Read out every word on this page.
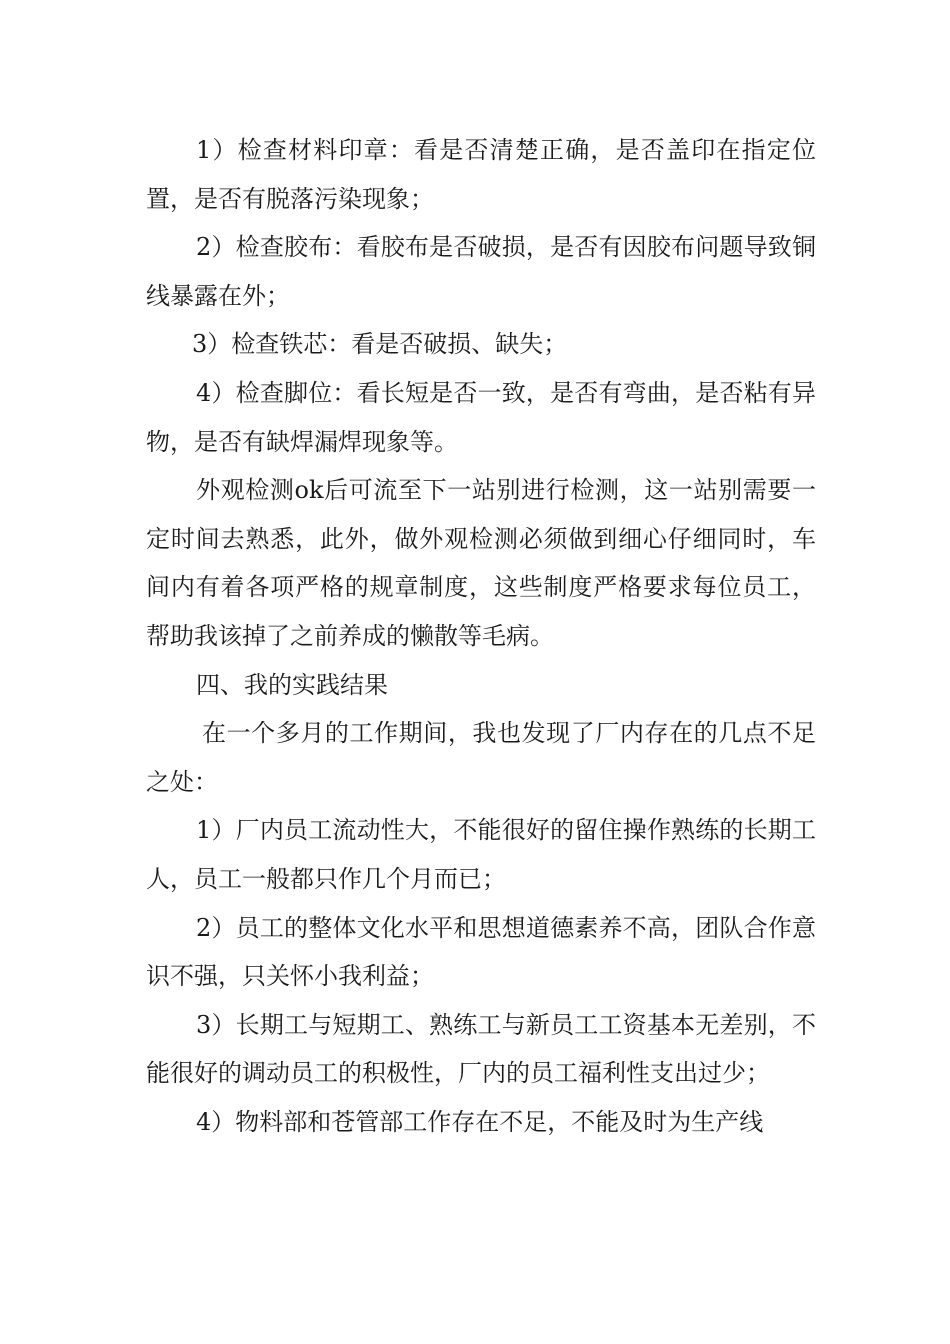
1）检查材料印章：看是否清楚正确，是否盖印在指定位置，是否有脱落污染现象；

2）检查胶布：看胶布是否破损，是否有因胶布问题导致铜线暴露在外；

3）检查铁芯：看是否破损、缺失；

4）检查脚位：看长短是否一致，是否有弯曲，是否粘有异物，是否有缺焊漏焊现象等。

外观检测ok后可流至下一站别进行检测，这一站别需要一定时间去熟悉，此外，做外观检测必须做到细心仔细同时，车间内有着各项严格的规章制度，这些制度严格要求每位员工，帮助我该掉了之前养成的懒散等毛病。

四、我的实践结果

在一个多月的工作期间，我也发现了厂内存在的几点不足之处：

1）厂内员工流动性大，不能很好的留住操作熟练的长期工人，员工一般都只作几个月而已；

2）员工的整体文化水平和思想道德素养不高，团队合作意识不强，只关怀小我利益；

3）长期工与短期工、熟练工与新员工工资基本无差别，不能很好的调动员工的积极性，厂内的员工福利性支出过少；

4）物料部和苍管部工作存在不足，不能及时为生产线
